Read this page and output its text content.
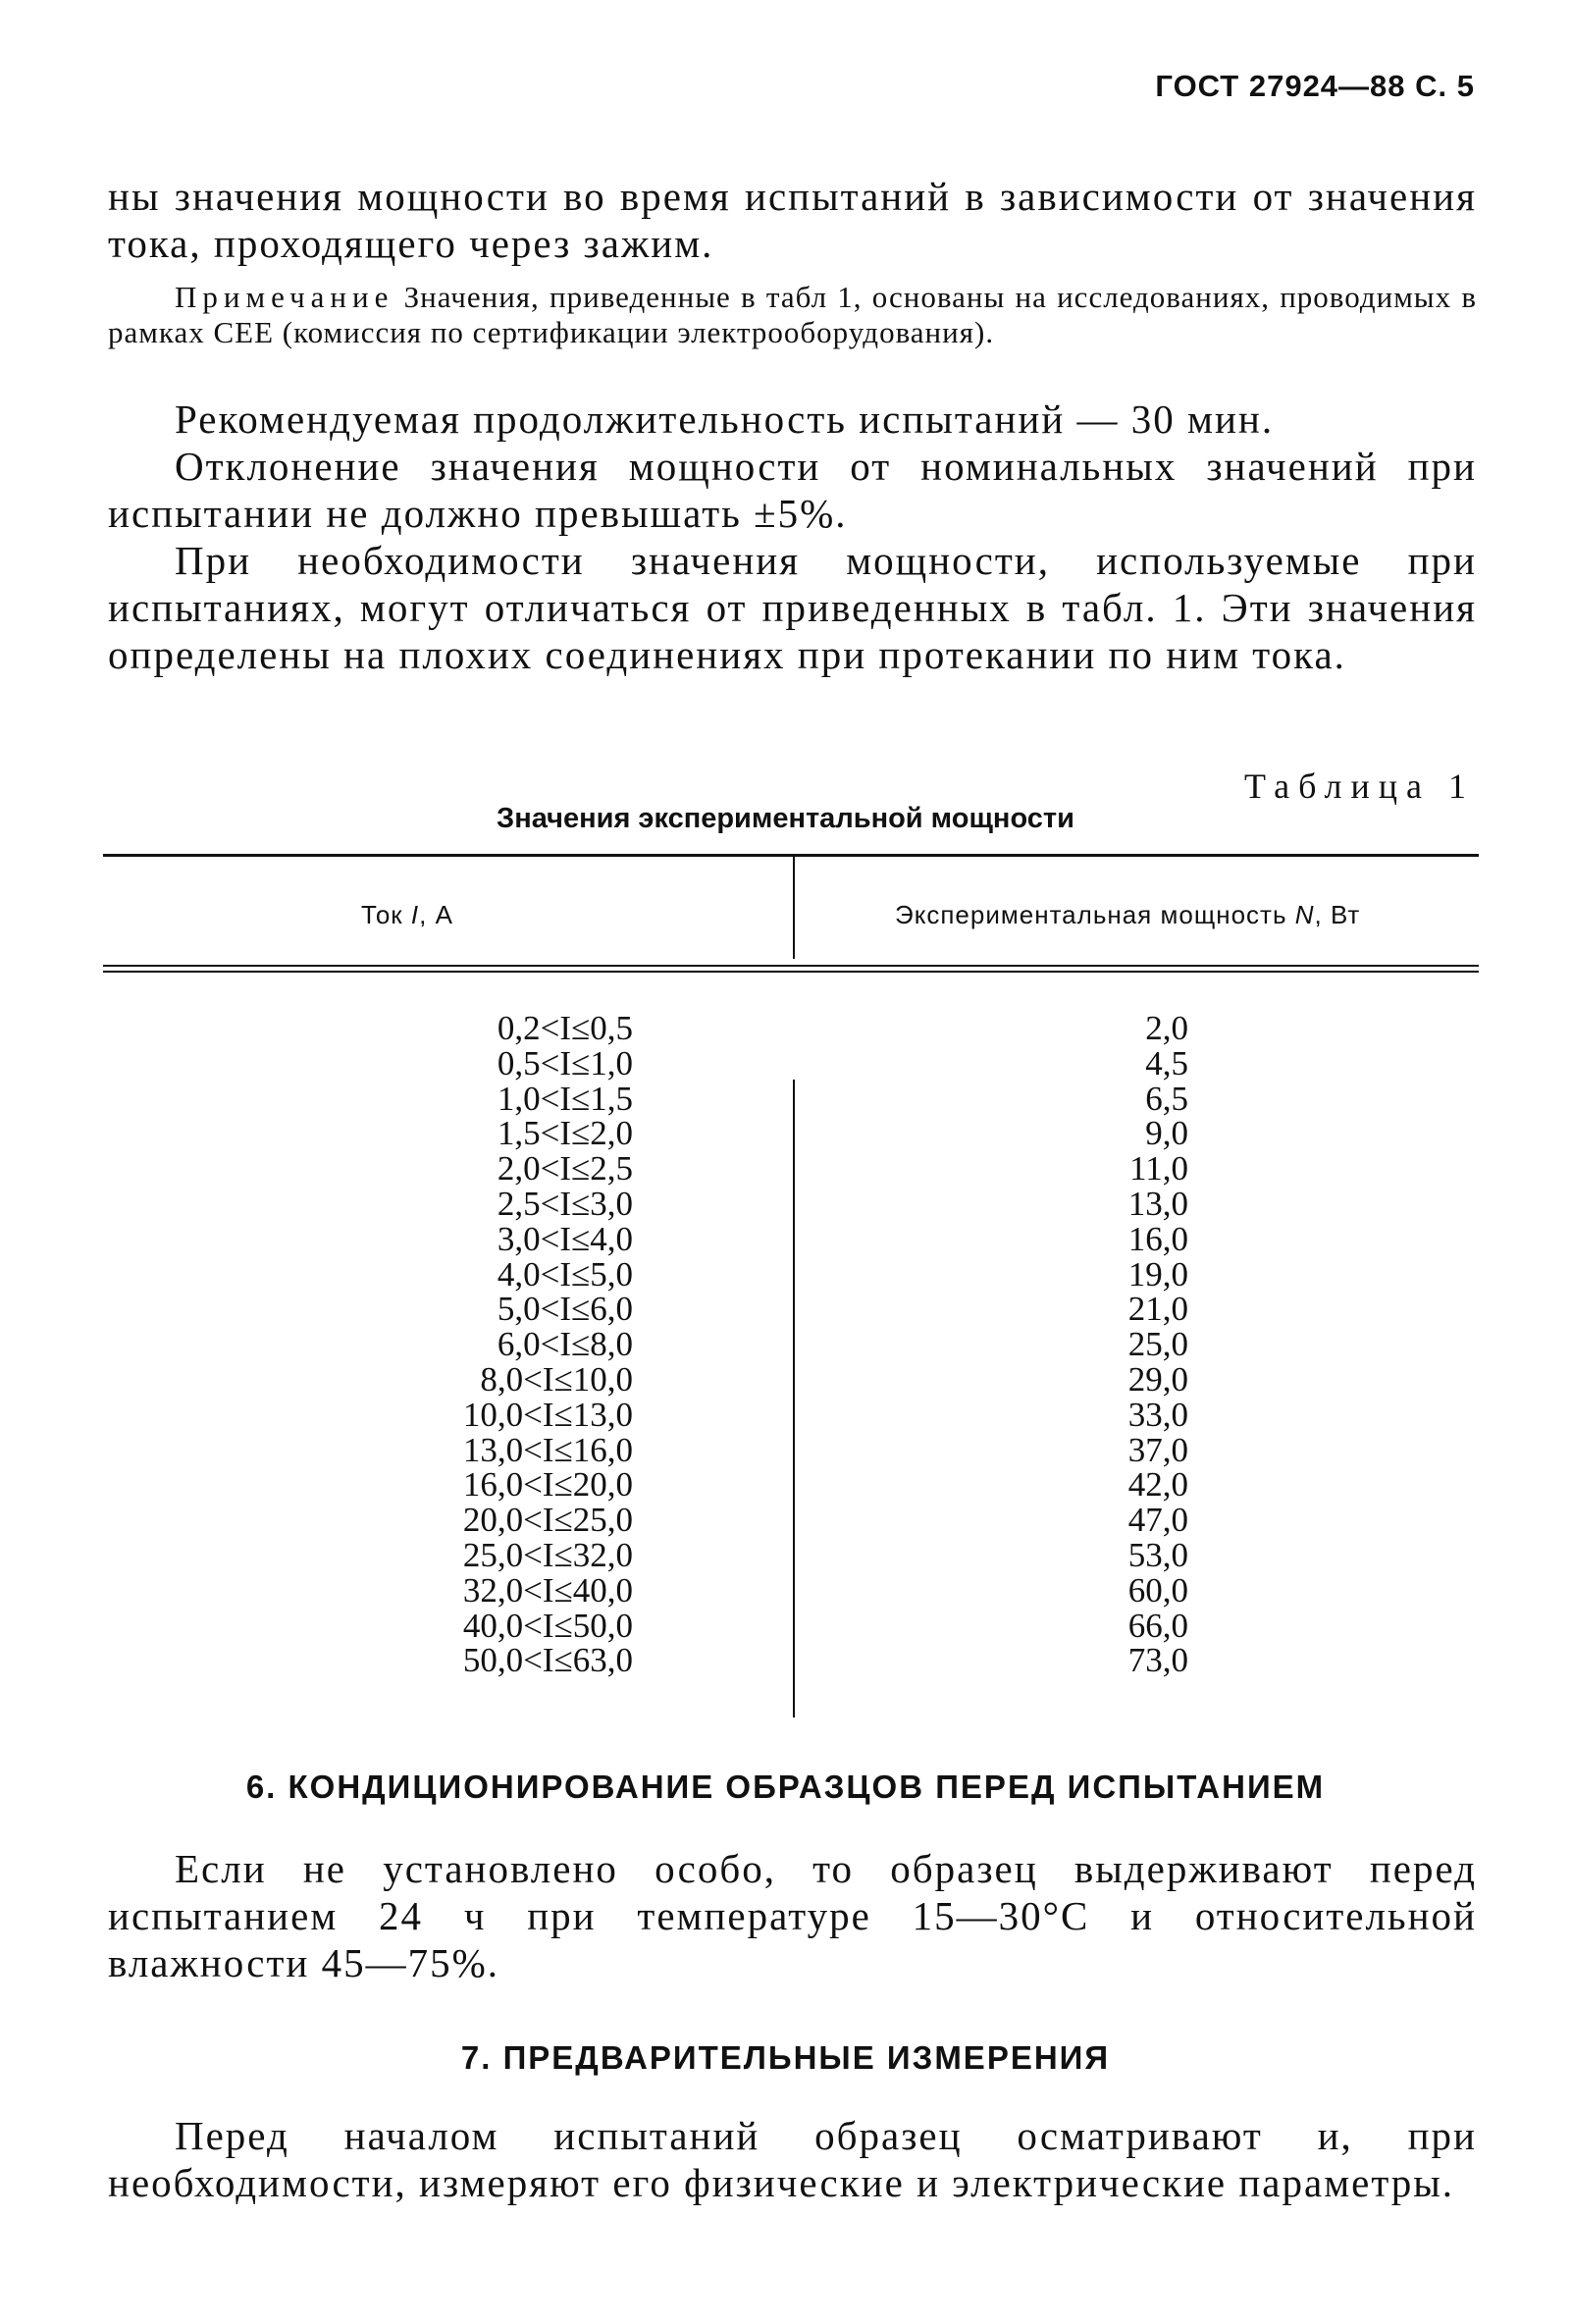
ГОСТ 27924—88 С. 5

ны значения мощности во время испытаний в зависимости от значения тока, проходящего через зажим.

Примечание Значения, приведенные в табл 1, основаны на исследованиях, проводимых в рамках СЕЕ (комиссия по сертификации электрооборудования).

Рекомендуемая продолжительность испытаний — 30 мин.

Отклонение значения мощности от номинальных значений при испытании не должно превышать ±5%.

При необходимости значения мощности, используемые при испытаниях, могут отличаться от приведенных в табл. 1. Эти значения определены на плохих соединениях при протекании по ним тока.

Таблица 1
Значения экспериментальной мощности
Ток I, А	Экспериментальная мощность N, Вт
0,2<I≤0,5	2,0
0,5<I≤1,0	4,5
1,0<I≤1,5	6,5
1,5<I≤2,0	9,0
2,0<I≤2,5	11,0
2,5<I≤3,0	13,0
3,0<I≤4,0	16,0
4,0<I≤5,0	19,0
5,0<I≤6,0	21,0
6,0<I≤8,0	25,0
8,0<I≤10,0	29,0
10,0<I≤13,0	33,0
13,0<I≤16,0	37,0
16,0<I≤20,0	42,0
20,0<I≤25,0	47,0
25,0<I≤32,0	53,0
32,0<I≤40,0	60,0
40,0<I≤50,0	66,0
50,0<I≤63,0	73,0
6. КОНДИЦИОНИРОВАНИЕ ОБРАЗЦОВ ПЕРЕД ИСПЫТАНИЕМ

Если не установлено особо, то образец выдерживают перед испытанием 24 ч при температуре 15—30°С и относительной влажности 45—75%.

7. ПРЕДВАРИТЕЛЬНЫЕ ИЗМЕРЕНИЯ

Перед началом испытаний образец осматривают и, при необходимости, измеряют его физические и электрические параметры.
